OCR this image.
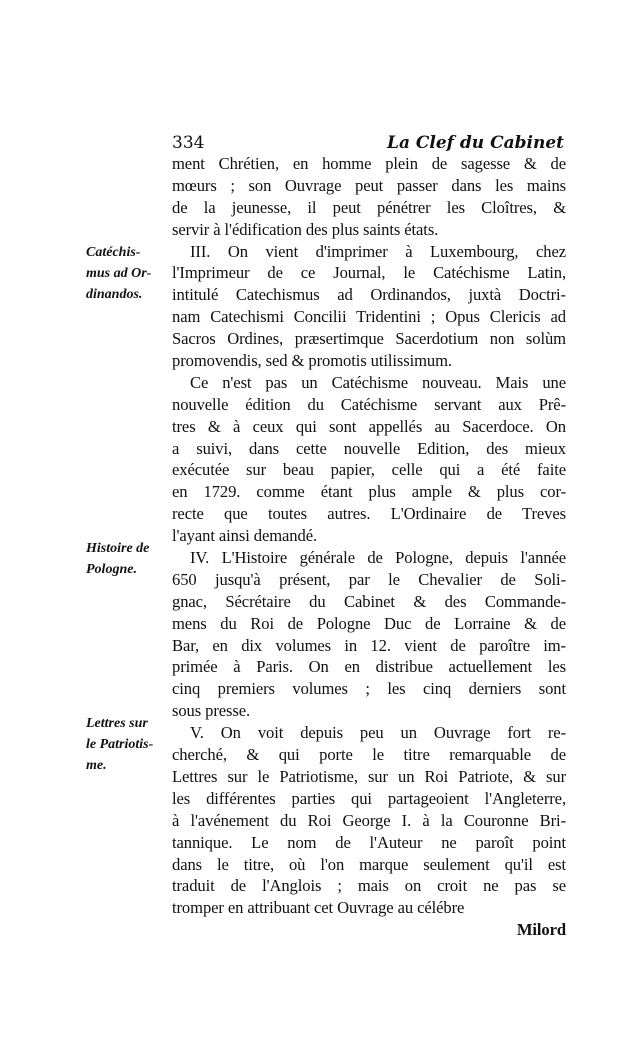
334	La Clef du Cabinet
Catéchis-
mus ad Or-
dinandos.
Histoire de
Pologne.
Lettres sur
le Patriotis-
me.
ment Chrétien, en homme plein de sagesse & de
mœurs ; son Ouvrage peut passer dans les mains
de la jeunesse, il peut pénétrer les Cloîtres, &
servir à l'édification des plus saints états.
III. On vient d'imprimer à Luxembourg, chez
l'Imprimeur de ce Journal, le Catéchisme Latin,
intitulé Catechismus ad Ordinandos, juxtà Doctri-
nam Catechismi Concilii Tridentini ; Opus Clericis ad
Sacros Ordines, præsertimque Sacerdotium non solùm
promovendis, sed & promotis utilissimum.
Ce n'est pas un Catéchisme nouveau. Mais une
nouvelle édition du Catéchisme servant aux Prê-
tres & à ceux qui sont appellés au Sacerdoce. On
a suivi, dans cette nouvelle Edition, des mieux
exécutée sur beau papier, celle qui a été faite
en 1729. comme étant plus ample & plus cor-
recte que toutes autres. L'Ordinaire de Treves
l'ayant ainsi demandé.
IV. L'Histoire générale de Pologne, depuis l'année
650 jusqu'à présent, par le Chevalier de Soli-
gnac, Sécrétaire du Cabinet & des Commande-
mens du Roi de Pologne Duc de Lorraine & de
Bar, en dix volumes in 12. vient de paroître im-
primée à Paris. On en distribue actuellement les
cinq premiers volumes ; les cinq derniers sont
sous presse.
V. On voit depuis peu un Ouvrage fort re-
cherché, & qui porte le titre remarquable de
Lettres sur le Patriotisme, sur un Roi Patriote, & sur
les différentes parties qui partageoient l'Angleterre,
à l'avénement du Roi George I. à la Couronne Bri-
tannique. Le nom de l'Auteur ne paroît point
dans le titre, où l'on marque seulement qu'il est
traduit de l'Anglois ; mais on croit ne pas se
tromper en attribuant cet Ouvrage au célébre
Milord
